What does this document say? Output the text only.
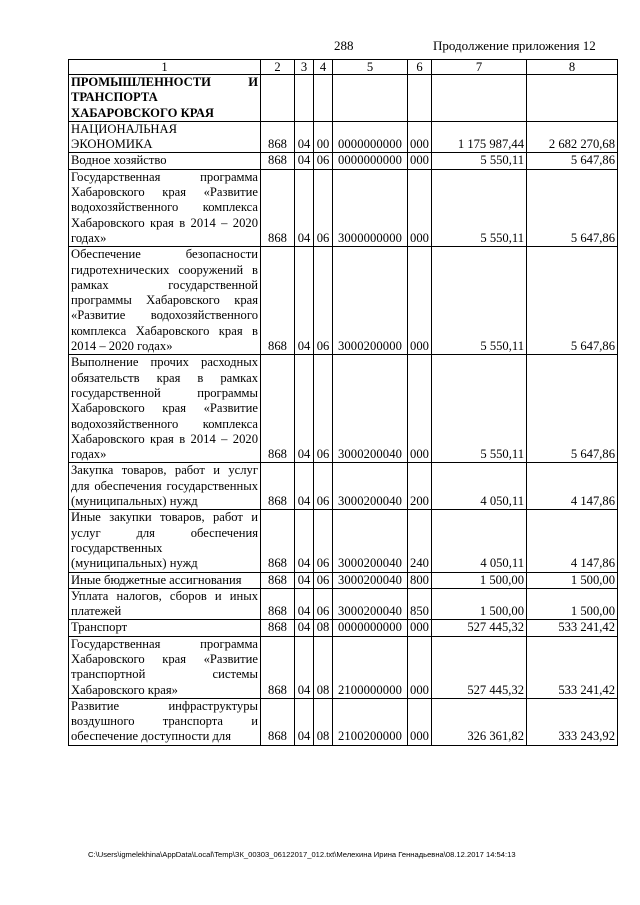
288	Продолжение приложения 12
1	2	3	4	5	6	7	8
ПРОМЫШЛЕННОСТИ И ТРАНСПОРТА ХАБАРОВСКОГО КРАЯ							
НАЦИОНАЛЬНАЯ ЭКОНОМИКА	868	04	00	0000000000	000	1 175 987,44	2 682 270,68
Водное хозяйство	868	04	06	0000000000	000	5 550,11	5 647,86
Государственная программа Хабаровского края «Развитие водохозяйственного комплекса Хабаровского края в 2014 – 2020 годах»	868	04	06	3000000000	000	5 550,11	5 647,86
Обеспечение безопасности гидротехнических сооружений в рамках государственной программы Хабаровского края «Развитие водохозяйственного комплекса Хабаровского края в 2014 – 2020 годах»	868	04	06	3000200000	000	5 550,11	5 647,86
Выполнение прочих расходных обязательств края в рамках государственной программы Хабаровского края «Развитие водохозяйственного комплекса Хабаровского края в 2014 – 2020 годах»	868	04	06	3000200040	000	5 550,11	5 647,86
Закупка товаров, работ и услуг для обеспечения государственных (муниципальных) нужд	868	04	06	3000200040	200	4 050,11	4 147,86
Иные закупки товаров, работ и услуг для обеспечения государственных (муниципальных) нужд	868	04	06	3000200040	240	4 050,11	4 147,86
Иные бюджетные ассигнования	868	04	06	3000200040	800	1 500,00	1 500,00
Уплата налогов, сборов и иных платежей	868	04	06	3000200040	850	1 500,00	1 500,00
Транспорт	868	04	08	0000000000	000	527 445,32	533 241,42
Государственная программа Хабаровского края «Развитие транспортной системы Хабаровского края»	868	04	08	2100000000	000	527 445,32	533 241,42
Развитие инфраструктуры воздушного транспорта и обеспечение доступности для	868	04	08	2100200000	000	326 361,82	333 243,92
C:\Users\igmelekhina\AppData\Local\Temp\ЗК_00303_06122017_012.txt\Мелехина Ирина Геннадьевна\08.12.2017 14:54:13
